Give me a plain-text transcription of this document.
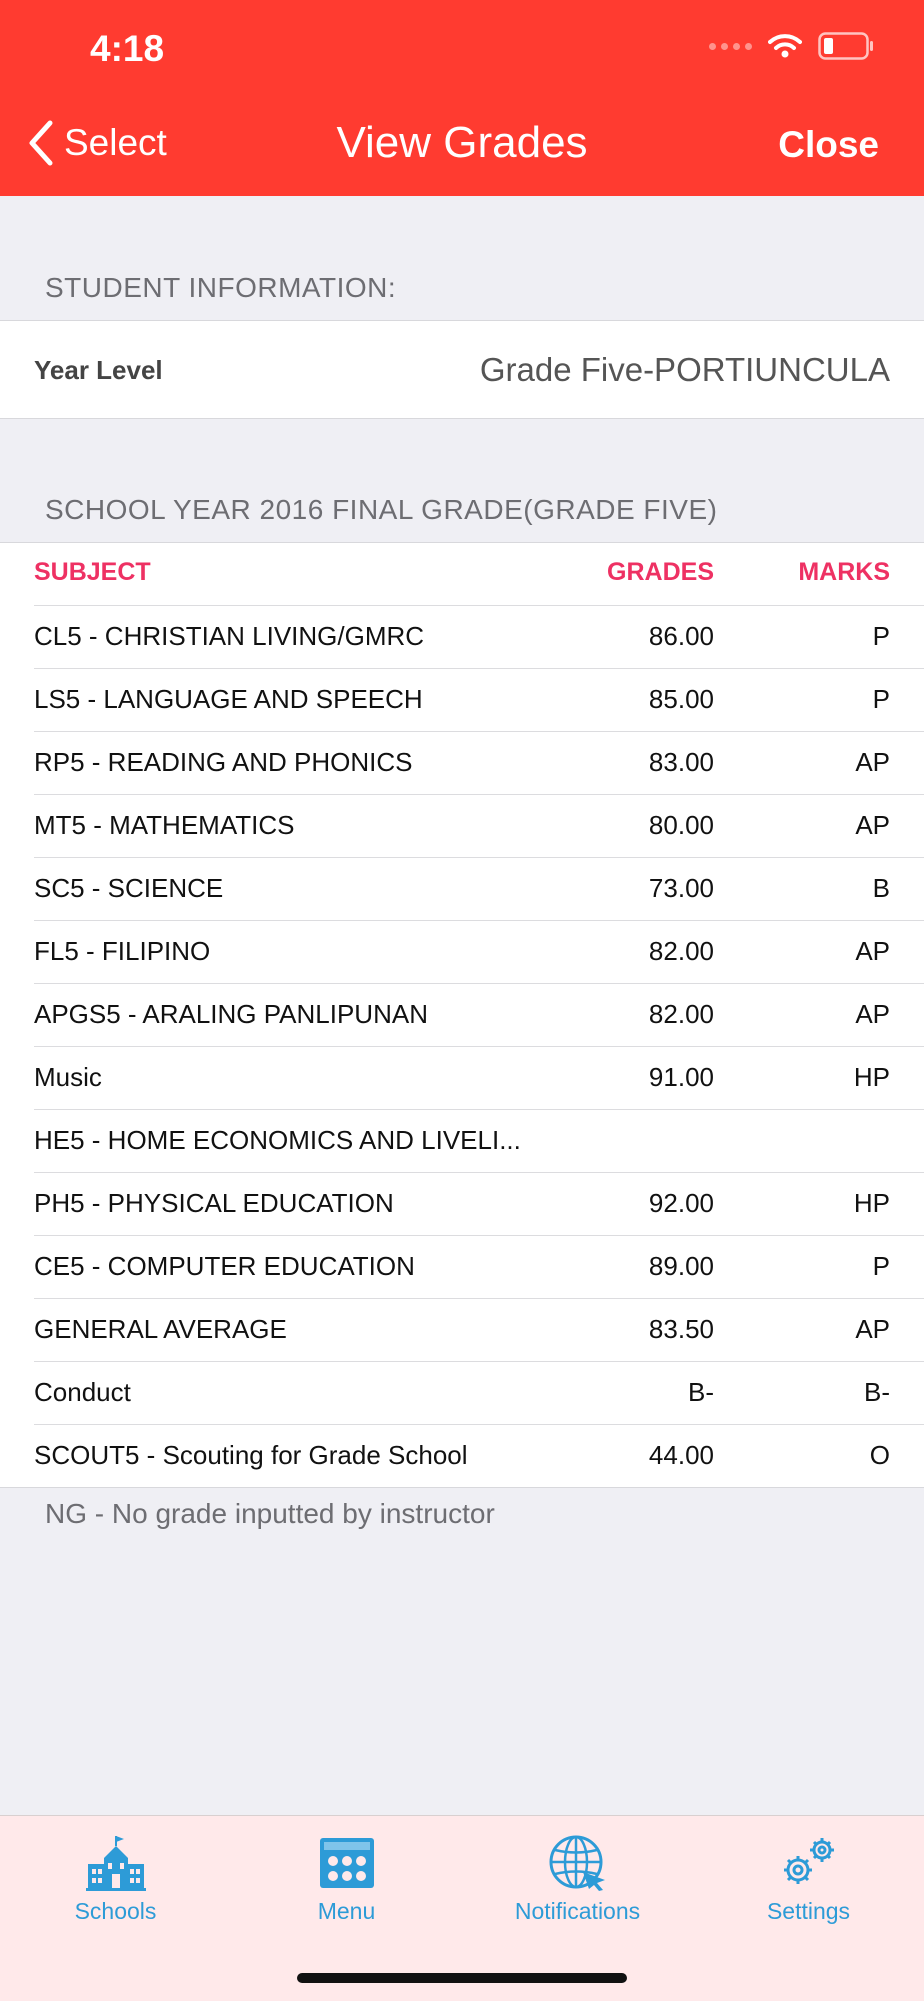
4:18
Select	View Grades	Close
STUDENT INFORMATION:
Year Level	Grade Five-PORTIUNCULA
SCHOOL YEAR 2016 FINAL GRADE(GRADE FIVE)
SUBJECT	GRADES	MARKS
CL5 - CHRISTIAN LIVING/GMRC	86.00	P
LS5 - LANGUAGE AND SPEECH	85.00	P
RP5 - READING AND PHONICS	83.00	AP
MT5 - MATHEMATICS	80.00	AP
SC5 - SCIENCE	73.00	B
FL5 - FILIPINO	82.00	AP
APGS5 - ARALING PANLIPUNAN	82.00	AP
Music	91.00	HP
HE5 - HOME ECONOMICS AND LIVELI...
PH5 - PHYSICAL EDUCATION	92.00	HP
CE5 - COMPUTER EDUCATION	89.00	P
GENERAL AVERAGE	83.50	AP
Conduct	B-	B-
SCOUT5 - Scouting for Grade School	44.00	O
NG - No grade inputted by instructor
Schools	Menu	Notifications	Settings
